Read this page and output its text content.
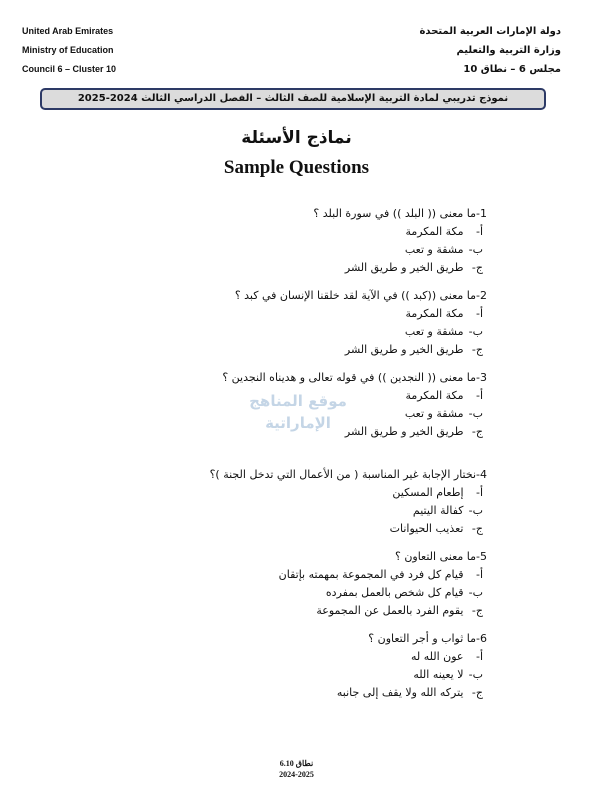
United Arab Emirates
Ministry of Education
Council 6 – Cluster 10
دولة الإمارات العربية المتحدة
وزارة التربية والتعليم
مجلس 6 – نطاق 10
نموذج تدريبي لمادة التربية الإسلامية للصف الثالث – الفصل الدراسي الثالث 2024-2025
نماذج الأسئلة
Sample Questions
موقع المناهج الإماراتية
1-ما معنى (( البلد )) في سورة البلد ؟
أ- مكة المكرمة
ب- مشقة و تعب
ج- طريق الخير و طريق الشر
2-ما معنى ((كبد )) في الآية لقد خلقنا الإنسان في كبد ؟
أ- مكة المكرمة
ب- مشقة و تعب
ج- طريق الخير و طريق الشر
3-ما معنى (( النجدين )) في قوله تعالى و هديناه النجدين ؟
أ- مكة المكرمة
ب- مشقة و تعب
ج- طريق الخير و طريق الشر
4-نختار الإجابة غير المناسبة ( من الأعمال التي تدخل الجنة )؟
أ- إطعام المسكين
ب- كفالة اليتيم
ج- تعذيب الحيوانات
5-ما معنى التعاون ؟
أ- قيام كل فرد في المجموعة بمهمته بإتقان
ب- قيام كل شخص بالعمل بمفرده
ج- يقوم الفرد بالعمل عن المجموعة
6-ما ثواب و أجر التعاون ؟
أ- عون الله له
ب- لا يعينه الله
ج- يتركه الله ولا يقف إلى جانبه
نطاق 6.10
2024-2025
